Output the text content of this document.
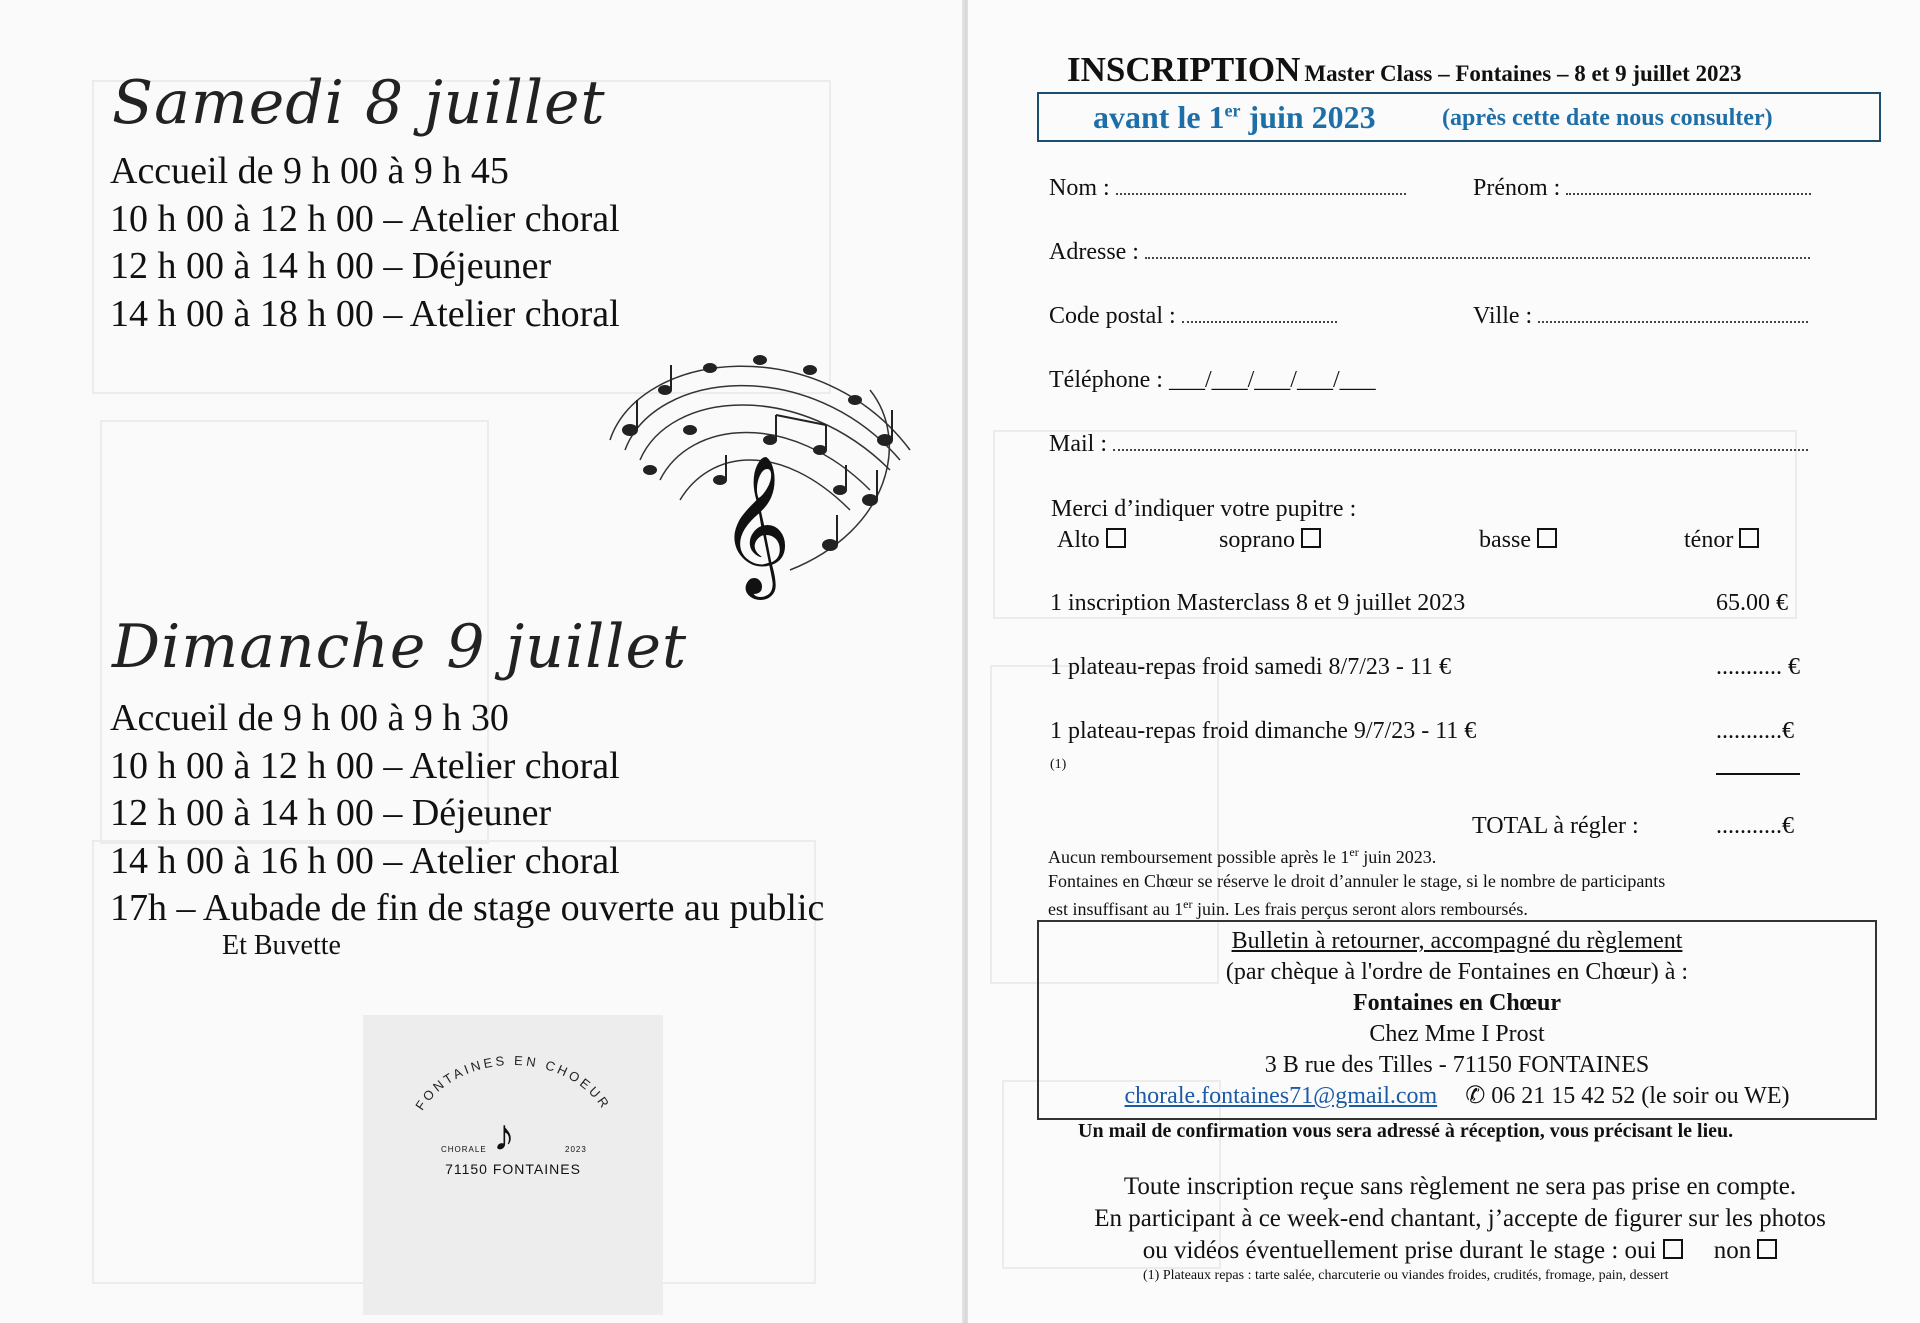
Samedi 8 juillet
Accueil de 9 h 00 à 9 h 45
10 h 00 à 12 h 00 – Atelier choral
12 h 00 à 14 h 00 – Déjeuner
14 h 00 à 18 h 00 – Atelier choral
𝄞
Dimanche 9 juillet
Accueil de 9 h 00 à 9 h 30
10 h 00 à 12 h 00 – Atelier choral
12 h 00 à 14 h 00 – Déjeuner
14 h 00 à 16 h 00 – Atelier choral
17h – Aubade de fin de stage ouverte au public
Et Buvette
FONTAINES EN CHOEUR
♪
CHORALE	2023
71150 FONTAINES
INSCRIPTION Master Class – Fontaines – 8 et 9 juillet 2023
avant le 1er juin 2023	(après cette date nous consulter)
Nom :	Prénom :
Adresse :
Code postal :	Ville :
Téléphone : ___/___/___/___/___
Mail :
Merci d’indiquer votre pupitre :
Alto	soprano	basse	ténor
1 inscription Masterclass 8 et 9 juillet 2023	65.00 €
1 plateau-repas froid samedi 8/7/23 - 11 €	........... €
1 plateau-repas froid dimanche 9/7/23 - 11 €	...........€
(1)
TOTAL à régler :	...........€
Aucun remboursement possible après le 1er juin 2023.
Fontaines en Chœur se réserve le droit d’annuler le stage, si le nombre de participants
est insuffisant au 1er juin. Les frais perçus seront alors remboursés.
Bulletin à retourner, accompagné du règlement
(par chèque à l'ordre de Fontaines en Chœur) à :
Fontaines en Chœur
Chez Mme I Prost
3 B rue des Tilles - 71150 FONTAINES
chorale.fontaines71@gmail.com ✆ 06 21 15 42 52 (le soir ou WE)
Un mail de confirmation vous sera adressé à réception, vous précisant le lieu.
Toute inscription reçue sans règlement ne sera pas prise en compte.
En participant à ce week-end chantant, j’accepte de figurer sur les photos
ou vidéos éventuellement prise durant le stage : oui non
(1) Plateaux repas : tarte salée, charcuterie ou viandes froides, crudités, fromage, pain, dessert
